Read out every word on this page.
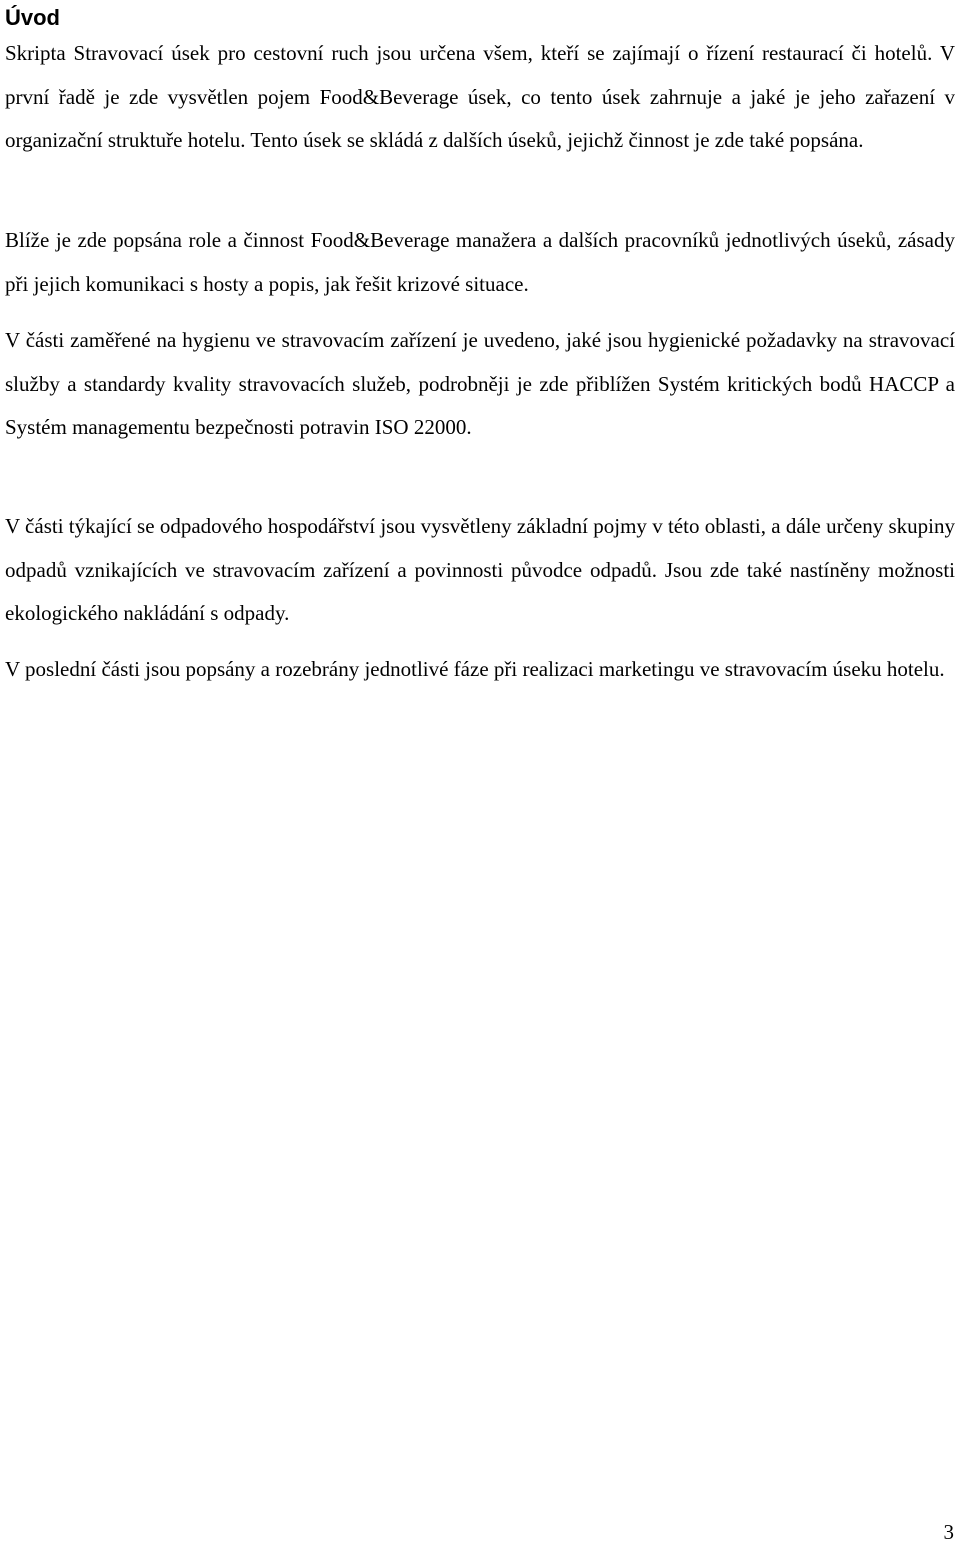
Úvod

Skripta Stravovací úsek pro cestovní ruch jsou určena všem, kteří se zajímají o řízení restaurací či hotelů. V první řadě je zde vysvětlen pojem Food&Beverage úsek, co tento úsek zahrnuje a jaké je jeho zařazení v organizační struktuře hotelu. Tento úsek se skládá z dalších úseků, jejichž činnost je zde také popsána.

Blíže je zde popsána role a činnost Food&Beverage manažera a dalších pracovníků jednotlivých úseků, zásady při jejich komunikaci s hosty a popis, jak řešit krizové situace.

V části zaměřené na hygienu ve stravovacím zařízení je uvedeno, jaké jsou hygienické požadavky na stravovací služby a standardy kvality stravovacích služeb, podrobněji je zde přiblížen Systém kritických bodů HACCP a Systém managementu bezpečnosti potravin ISO 22000.

V části týkající se odpadového hospodářství jsou vysvětleny základní pojmy v této oblasti, a dále určeny skupiny odpadů vznikajících ve stravovacím zařízení a povinnosti původce odpadů. Jsou zde také nastíněny možnosti ekologického nakládání s odpady.

V poslední části jsou popsány a rozebrány jednotlivé fáze při realizaci marketingu ve stravovacím úseku hotelu.

3
